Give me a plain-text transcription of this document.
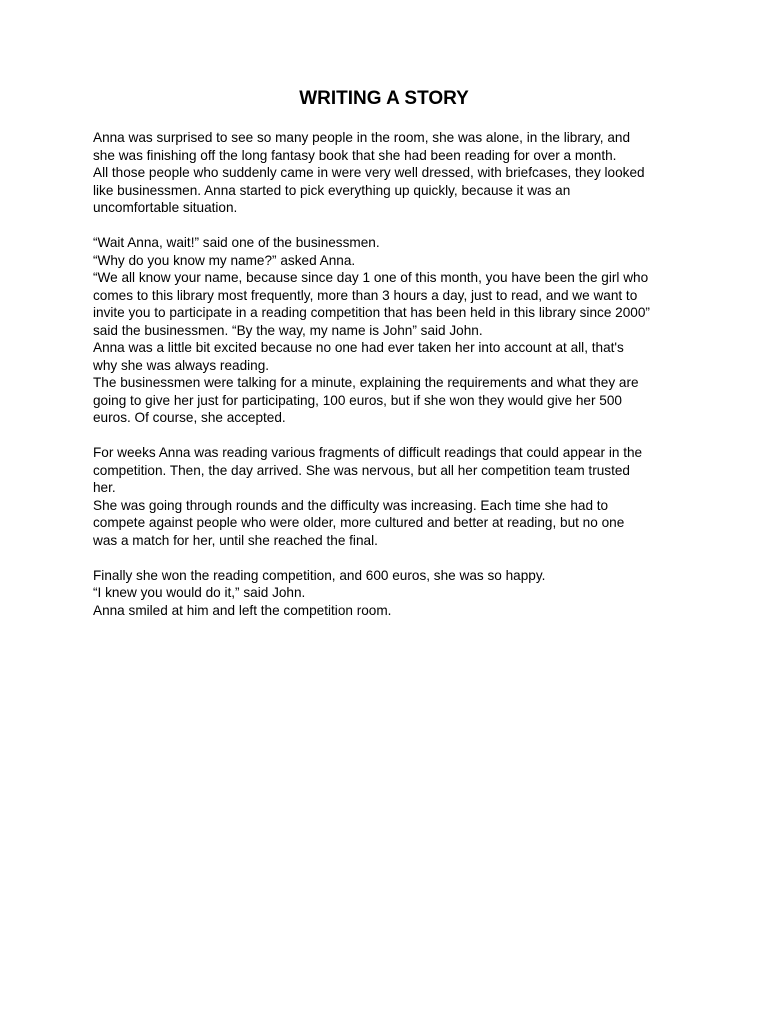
WRITING A STORY
Anna was surprised to see so many people in the room, she was alone, in the library, and
she was finishing off the long fantasy book that she had been reading for over a month.
All those people who suddenly came in were very well dressed, with briefcases, they looked
like businessmen. Anna started to pick everything up quickly, because it was an
uncomfortable situation.
“Wait Anna, wait!” said one of the businessmen.
“Why do you know my name?” asked Anna.
“We all know your name, because since day 1 one of this month, you have been the girl who
comes to this library most frequently, more than 3 hours a day, just to read, and we want to
invite you to participate in a reading competition that has been held in this library since 2000”
said the businessmen. “By the way, my name is John” said John.
Anna was a little bit excited because no one had ever taken her into account at all, that's
why she was always reading.
The businessmen were talking for a minute, explaining the requirements and what they are
going to give her just for participating, 100 euros, but if she won they would give her 500
euros. Of course, she accepted.
For weeks Anna was reading various fragments of difficult readings that could appear in the
competition. Then, the day arrived. She was nervous, but all her competition team trusted
her.
She was going through rounds and the difficulty was increasing. Each time she had to
compete against people who were older, more cultured and better at reading, but no one
was a match for her, until she reached the final.
Finally she won the reading competition, and 600 euros, she was so happy.
“I knew you would do it,” said John.
Anna smiled at him and left the competition room.
